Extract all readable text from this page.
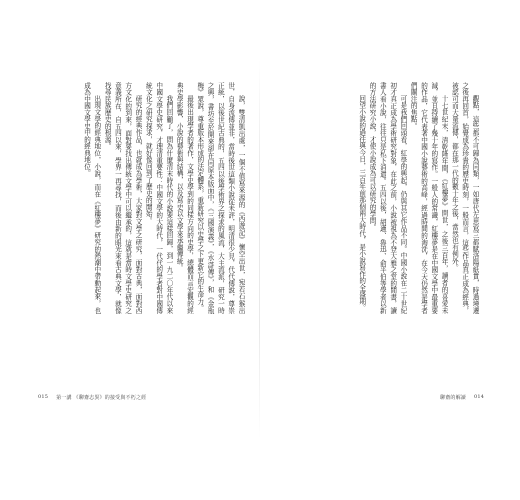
說，雙清凱出處，一個不值寫來源的《西遊記》懷空出世，宛若石猴出世，自身流傳並非，當時後世這類小說從未評，明清很少見，代代傳說，尊崇正統，以後世紀古典的，五四以後學術界之探求的風流，大主流派，研究一時之興，書坊至於開來卻在同原本版面中，《三國演義》，《水滸傳》，和《金瓶梅》眾說，尊重版本形成的法定體系，重新研究以史學之下更新它的生命力。

最後出現學者的著作，文學史學到的同樣方向的史學，總體而言宏觀的經典史學影響，小說的藝術與結構，以及寫史以文學來承繼傳統。

我們回顧了，問為什麼清末時代的小說要這樣回歸，到一九二〇年代以來中國文學史研究，才理清重要性：中國文學的大時代，一代代的學者對中國傳統文化之研究探求，就好像回到了歷史的開始。

研究的經典作品，也就成為學術，大家對文學之研究，面對古典，面對西方文化的到來，面對要找出傳統文學中可以繼承的，這就是當時文學史研究之意義所在，自五四以來，學界一再尋找，而後由新的眼光來看古典文學，就像找尋民族歷史的根源。

出現文學的經典地位，小說，而在《紅樓夢》研究的熱潮中帶動起來，也成為中國文學史中的經典地位。

015 第一講 《聊齋志異》的接受與不朽之經

觀點，這些都不可歸為同類，一如唐代左思寫三都賦洛陽紙貴，時過境遷之後再回首，始覺成為珍貴的歷史時刻，一般而言，這些作品真正成為經典，被認可而大量流傳，都在那一代的數十年之後，當然也有例外。

十七世紀末，清乾隆年間，《紅樓夢》問世，之後三百年，讀者的喜愛未減，並且持續了幾十年的寫作。一般人的常識，紅樓夢是在中國文學中最重要的作品，它代表著中國小說藝術的高峰，經過時間的淘洗，在今天仍然是學者們關注的焦點。

可是我們回頭看，紅學的興起，仍與其它作品不同。中國小說在二十世紀初才真正成為學術研究對象，在此之前，小說被視為不登大雅之堂的閒書，讀書人看小說，往往只是私下消遣。五四以後，胡適、魯迅、俞平伯等學者以新的方法研究小說，才使小說成為可以研究的學問。

回望小說的過往與今日，三百年前那個兩大時代，是小說寫作的全盛期。

聊齋的解讀 014
